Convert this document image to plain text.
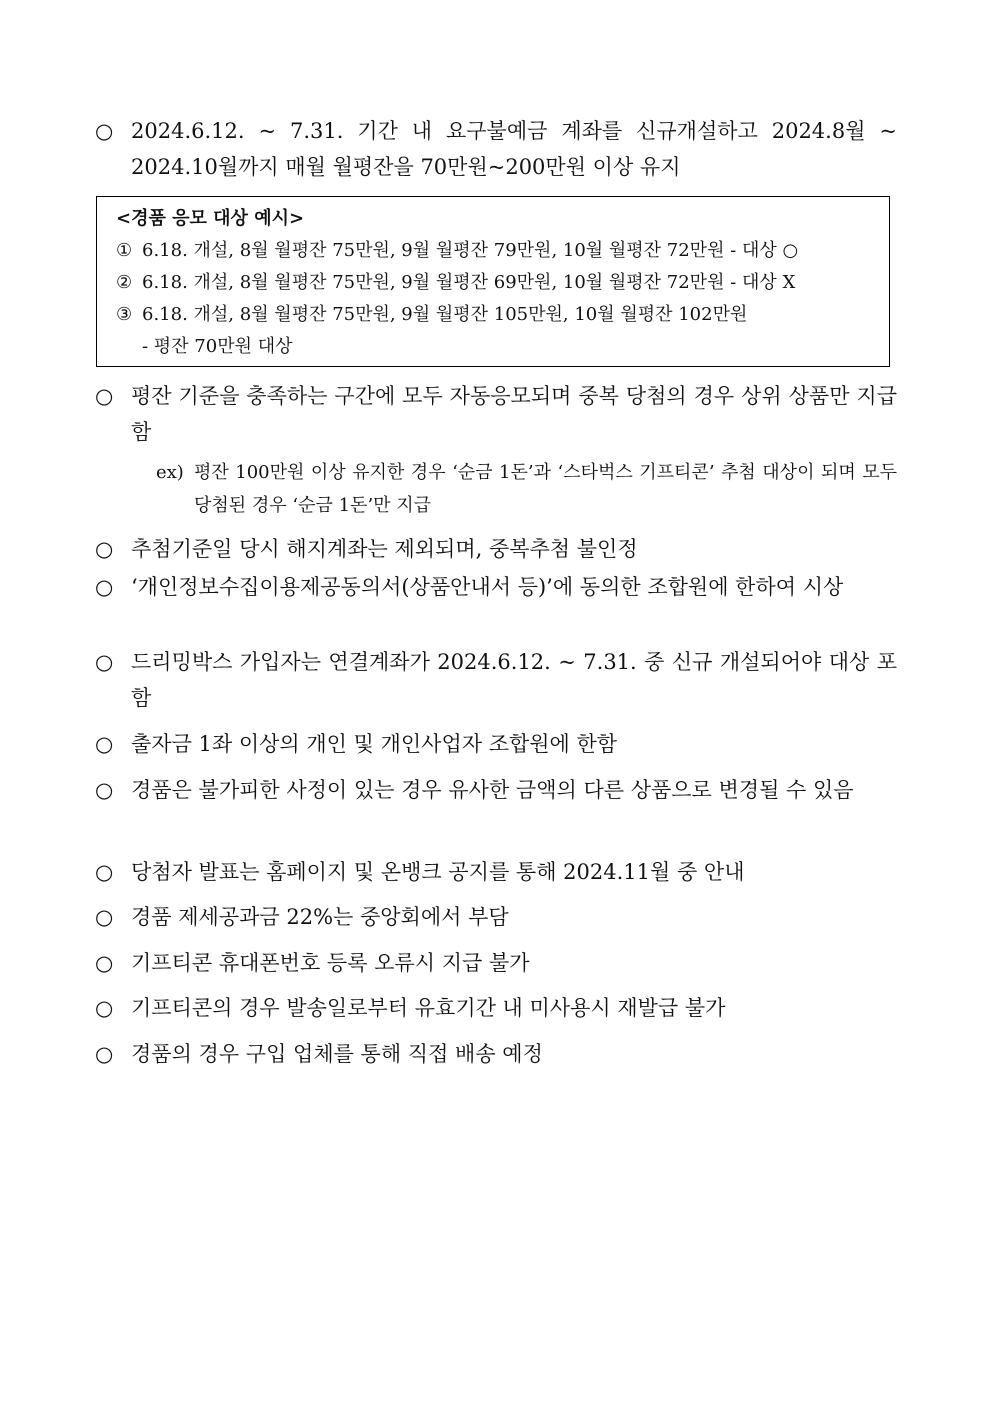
○ 2024.6.12. ~ 7.31. 기간 내 요구불예금 계좌를 신규개설하고 2024.8월 ~ 2024.10월까지 매월 월평잔을 70만원~200만원 이상 유지
<경품 응모 대상 예시>
① 6.18. 개설, 8월 월평잔 75만원, 9월 월평잔 79만원, 10월 월평잔 72만원 - 대상 ○
② 6.18. 개설, 8월 월평잔 75만원, 9월 월평잔 69만원, 10월 월평잔 72만원 - 대상 X
③ 6.18. 개설, 8월 월평잔 75만원, 9월 월평잔 105만원, 10월 월평잔 102만원
- 평잔 70만원 대상
○ 평잔 기준을 충족하는 구간에 모두 자동응모되며 중복 당첨의 경우 상위 상품만 지급함
ex) 평잔 100만원 이상 유지한 경우 ‘순금 1돈’과 ‘스타벅스 기프티콘’ 추첨 대상이 되며 모두 당첨된 경우 ‘순금 1돈’만 지급
○ 추첨기준일 당시 해지계좌는 제외되며, 중복추첨 불인정
○ ‘개인정보수집이용제공동의서(상품안내서 등)’에 동의한 조합원에 한하여 시상
○ 드리밍박스 가입자는 연결계좌가 2024.6.12. ~ 7.31. 중 신규 개설되어야 대상 포함
○ 출자금 1좌 이상의 개인 및 개인사업자 조합원에 한함
○ 경품은 불가피한 사정이 있는 경우 유사한 금액의 다른 상품으로 변경될 수 있음
○ 당첨자 발표는 홈페이지 및 온뱅크 공지를 통해 2024.11월 중 안내
○ 경품 제세공과금 22%는 중앙회에서 부담
○ 기프티콘 휴대폰번호 등록 오류시 지급 불가
○ 기프티콘의 경우 발송일로부터 유효기간 내 미사용시 재발급 불가
○ 경품의 경우 구입 업체를 통해 직접 배송 예정
